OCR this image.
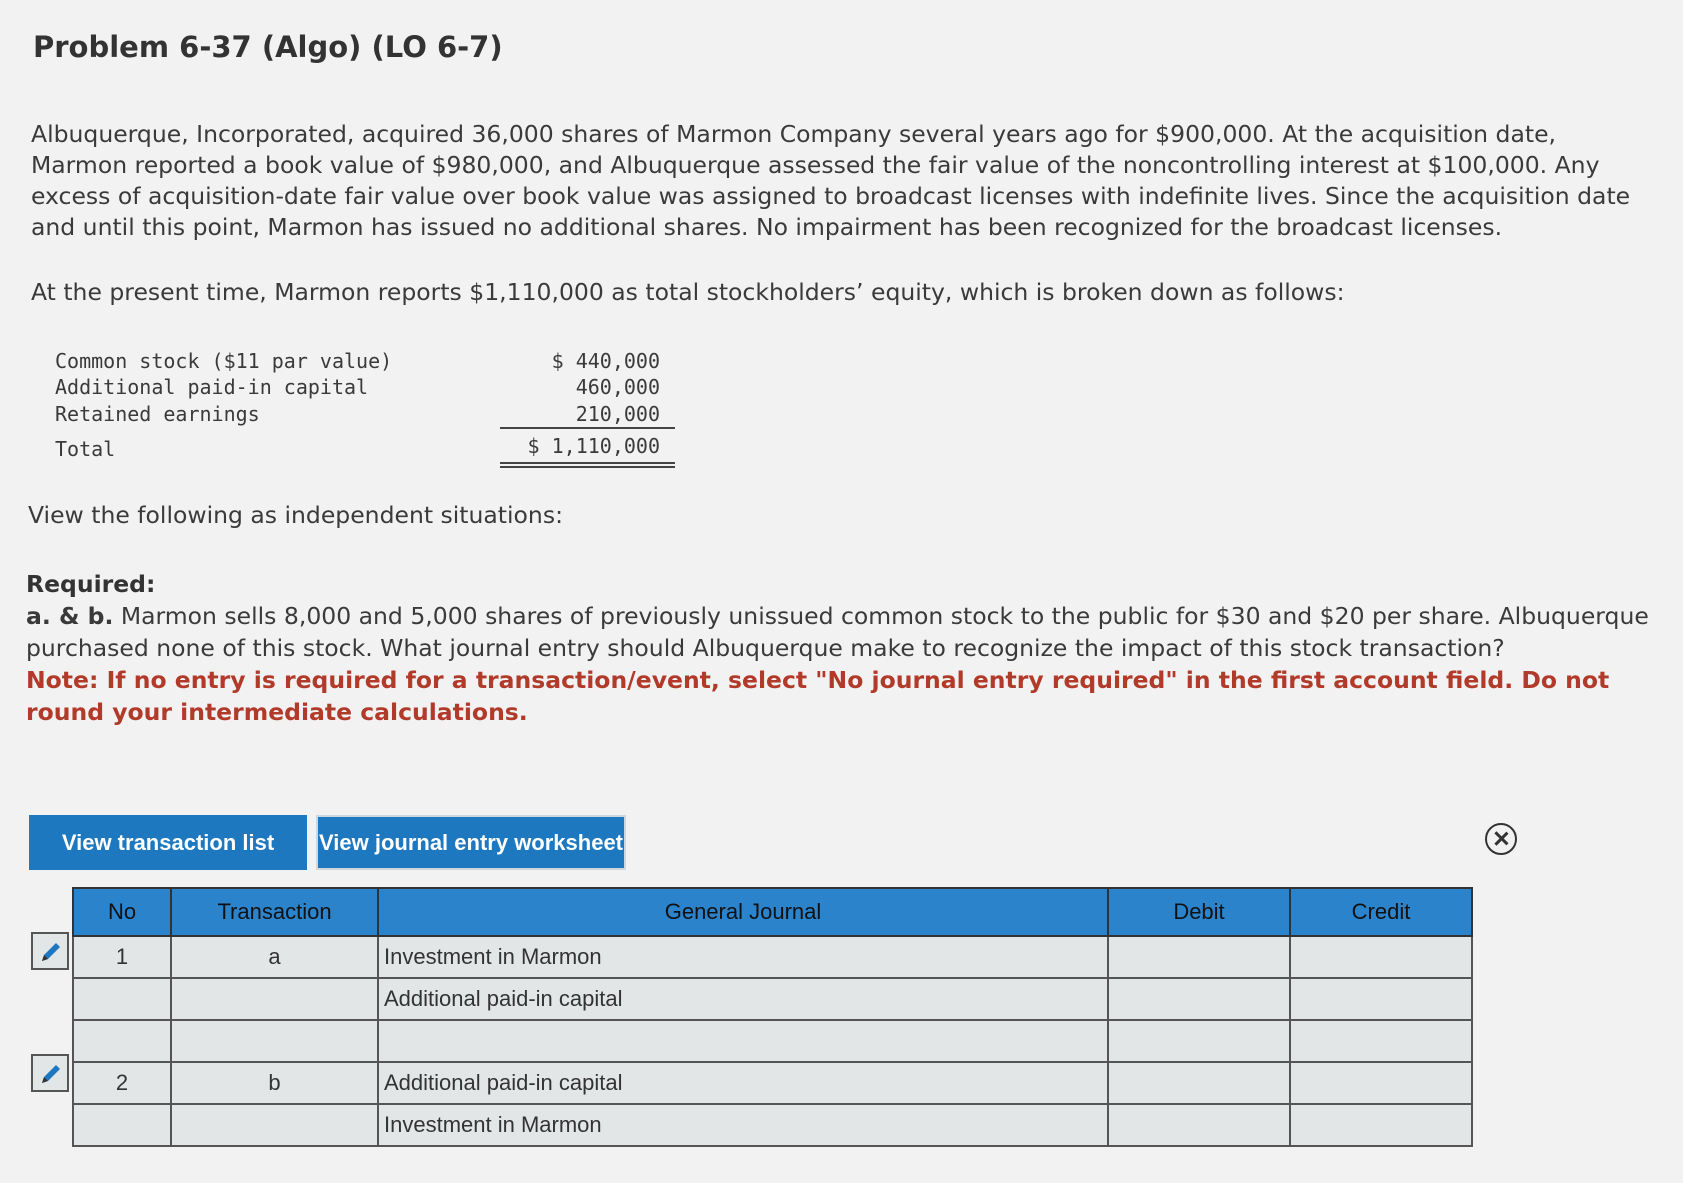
Problem 6-37 (Algo) (LO 6-7)
Albuquerque, Incorporated, acquired 36,000 shares of Marmon Company several years ago for $900,000. At the acquisition date, Marmon reported a book value of $980,000, and Albuquerque assessed the fair value of the noncontrolling interest at $100,000. Any excess of acquisition-date fair value over book value was assigned to broadcast licenses with indefinite lives. Since the acquisition date and until this point, Marmon has issued no additional shares. No impairment has been recognized for the broadcast licenses.
At the present time, Marmon reports $1,110,000 as total stockholders’ equity, which is broken down as follows:
Common stock ($11 par value)	$ 440,000
Additional paid-in capital	460,000
Retained earnings	210,000
Total	$ 1,110,000
View the following as independent situations:
Required:
a. & b. Marmon sells 8,000 and 5,000 shares of previously unissued common stock to the public for $30 and $20 per share. Albuquerque purchased none of this stock. What journal entry should Albuquerque make to recognize the impact of this stock transaction?
Note: If no entry is required for a transaction/event, select "No journal entry required" in the first account field. Do not round your intermediate calculations.
View transaction list	View journal entry worksheet
No	Transaction	General Journal	Debit	Credit
1	a	Investment in Marmon		
		Additional paid-in capital		

2	b	Additional paid-in capital		
		Investment in Marmon		
